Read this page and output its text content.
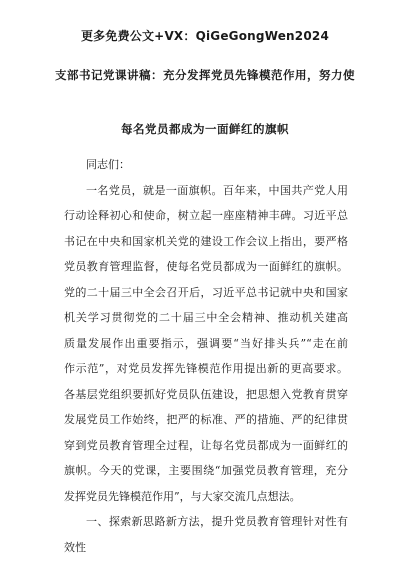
更多免费公文+VX：QiGeGongWen2024
支部书记党课讲稿：充分发挥党员先锋模范作用，努力使
每名党员都成为一面鲜红的旗帜
同志们：
一名党员，就是一面旗帜。百年来，中国共产党人用
行动诠释初心和使命，树立起一座座精神丰碑。习近平总
书记在中央和国家机关党的建设工作会议上指出，要严格
党员教育管理监督，使每名党员都成为一面鲜红的旗帜。
党的二十届三中全会召开后，习近平总书记就中央和国家
机关学习贯彻党的二十届三中全会精神、推动机关建高
质量发展作出重要指示，强调要“当好排头兵”“走在前
作示范”，对党员发挥先锋模范作用提出新的更高要求。
各基层党组织要抓好党员队伍建设，把思想入党教育贯穿
发展党员工作始终，把严的标准、严的措施、严的纪律贯
穿到党员教育管理全过程，让每名党员都成为一面鲜红的
旗帜。今天的党课，主要围绕“加强党员教育管理，充分
发挥党员先锋模范作用”，与大家交流几点想法。
一、探索新思路新方法，提升党员教育管理针对性有
效性
